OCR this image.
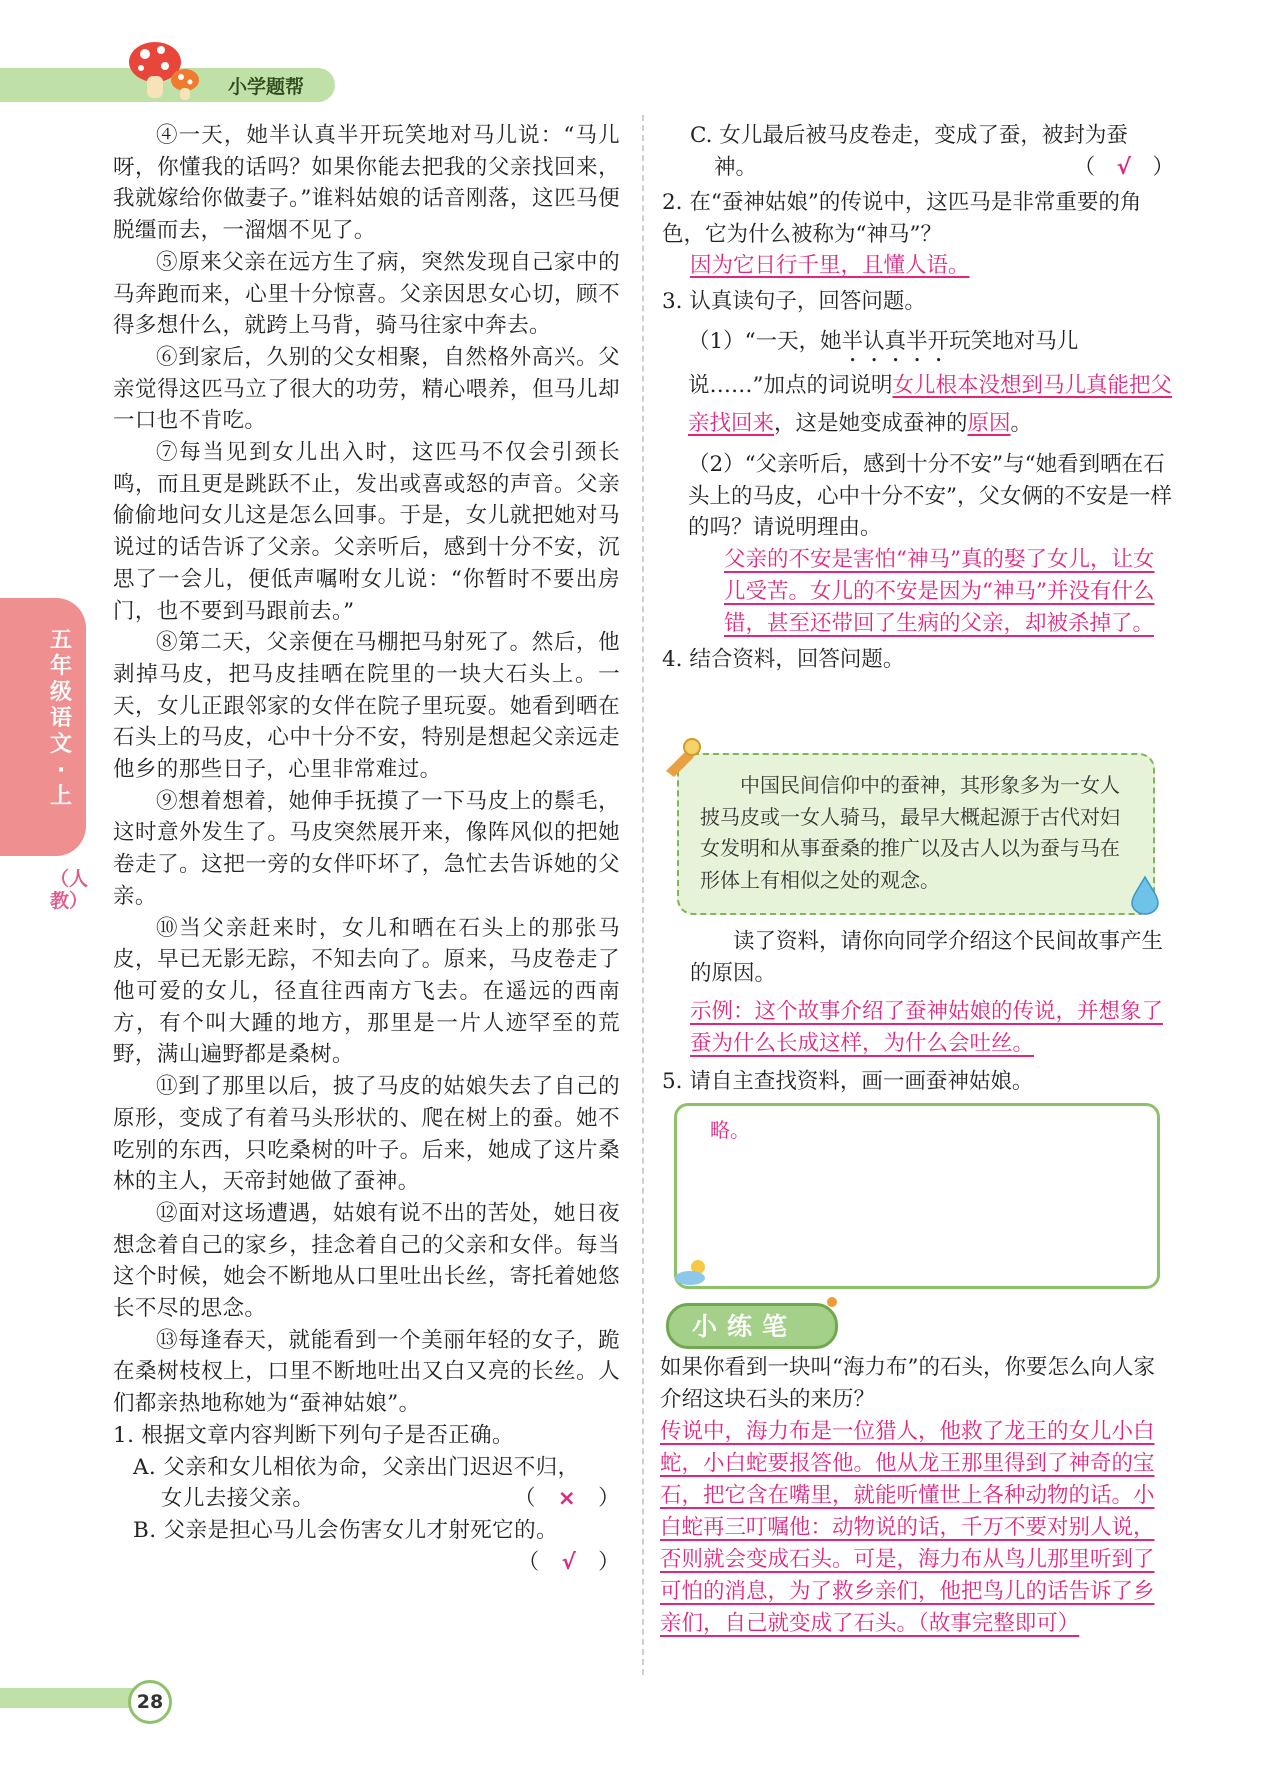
小学题帮
五年级语文·上
（人教）

④一天，她半认真半开玩笑地对马儿说：“马儿呀，你懂我的话吗？如果你能去把我的父亲找回来，我就嫁给你做妻子。”谁料姑娘的话音刚落，这匹马便脱缰而去，一溜烟不见了。

⑤原来父亲在远方生了病，突然发现自己家中的马奔跑而来，心里十分惊喜。父亲因思女心切，顾不得多想什么，就跨上马背，骑马往家中奔去。

⑥到家后，久别的父女相聚，自然格外高兴。父亲觉得这匹马立了很大的功劳，精心喂养，但马儿却一口也不肯吃。

⑦每当见到女儿出入时，这匹马不仅会引颈长鸣，而且更是跳跃不止，发出或喜或怒的声音。父亲偷偷地问女儿这是怎么回事。于是，女儿就把她对马说过的话告诉了父亲。父亲听后，感到十分不安，沉思了一会儿，便低声嘱咐女儿说：“你暂时不要出房门，也不要到马跟前去。”

⑧第二天，父亲便在马棚把马射死了。然后，他剥掉马皮，把马皮挂晒在院里的一块大石头上。一天，女儿正跟邻家的女伴在院子里玩耍。她看到晒在石头上的马皮，心中十分不安，特别是想起父亲远走他乡的那些日子，心里非常难过。

⑨想着想着，她伸手抚摸了一下马皮上的鬃毛，这时意外发生了。马皮突然展开来，像阵风似的把她卷走了。这把一旁的女伴吓坏了，急忙去告诉她的父亲。

⑩当父亲赶来时，女儿和晒在石头上的那张马皮，早已无影无踪，不知去向了。原来，马皮卷走了他可爱的女儿，径直往西南方飞去。在遥远的西南方，有个叫大踵的地方，那里是一片人迹罕至的荒野，满山遍野都是桑树。

⑪到了那里以后，披了马皮的姑娘失去了自己的原形，变成了有着马头形状的、爬在树上的蚕。她不吃别的东西，只吃桑树的叶子。后来，她成了这片桑林的主人，天帝封她做了蚕神。

⑫面对这场遭遇，姑娘有说不出的苦处，她日夜想念着自己的家乡，挂念着自己的父亲和女伴。每当这个时候，她会不断地从口里吐出长丝，寄托着她悠长不尽的思念。

⑬每逢春天，就能看到一个美丽年轻的女子，跪在桑树枝杈上，口里不断地吐出又白又亮的长丝。人们都亲热地称她为“蚕神姑娘”。

1. 根据文章内容判断下列句子是否正确。

A. 父亲和女儿相依为命，父亲出门迟迟不归，

女儿去接父亲。	（　×　）

B. 父亲是担心马儿会伤害女儿才射死它的。

（　√　）

C. 女儿最后被马皮卷走，变成了蚕，被封为蚕

神。	（　√　）

2. 在“蚕神姑娘”的传说中，这匹马是非常重要的角色，它为什么被称为“神马”？

因为它日行千里，且懂人语。

3. 认真读句子，回答问题。

（1）“一天，她半认真半开玩笑地对马儿说……”加点的词说明女儿根本没想到马儿真能把父亲找回来，这是她变成蚕神的原因。

（2）“父亲听后，感到十分不安”与“她看到晒在石头上的马皮，心中十分不安”，父女俩的不安是一样的吗？请说明理由。

父亲的不安是害怕“神马”真的娶了女儿，让女儿受苦。女儿的不安是因为“神马”并没有什么错，甚至还带回了生病的父亲，却被杀掉了。

4. 结合资料，回答问题。

中国民间信仰中的蚕神，其形象多为一女人披马皮或一女人骑马，最早大概起源于古代对妇女发明和从事蚕桑的推广以及古人以为蚕与马在形体上有相似之处的观念。

读了资料，请你向同学介绍这个民间故事产生的原因。

示例：这个故事介绍了蚕神姑娘的传说，并想象了蚕为什么长成这样，为什么会吐丝。

5. 请自主查找资料，画一画蚕神姑娘。

略。
小练笔

如果你看到一块叫“海力布”的石头，你要怎么向人家介绍这块石头的来历？

传说中，海力布是一位猎人，他救了龙王的女儿小白蛇，小白蛇要报答他。他从龙王那里得到了神奇的宝石，把它含在嘴里，就能听懂世上各种动物的话。小白蛇再三叮嘱他：动物说的话，千万不要对别人说，否则就会变成石头。可是，海力布从鸟儿那里听到了可怕的消息，为了救乡亲们，他把鸟儿的话告诉了乡亲们，自己就变成了石头。（故事完整即可）

28
